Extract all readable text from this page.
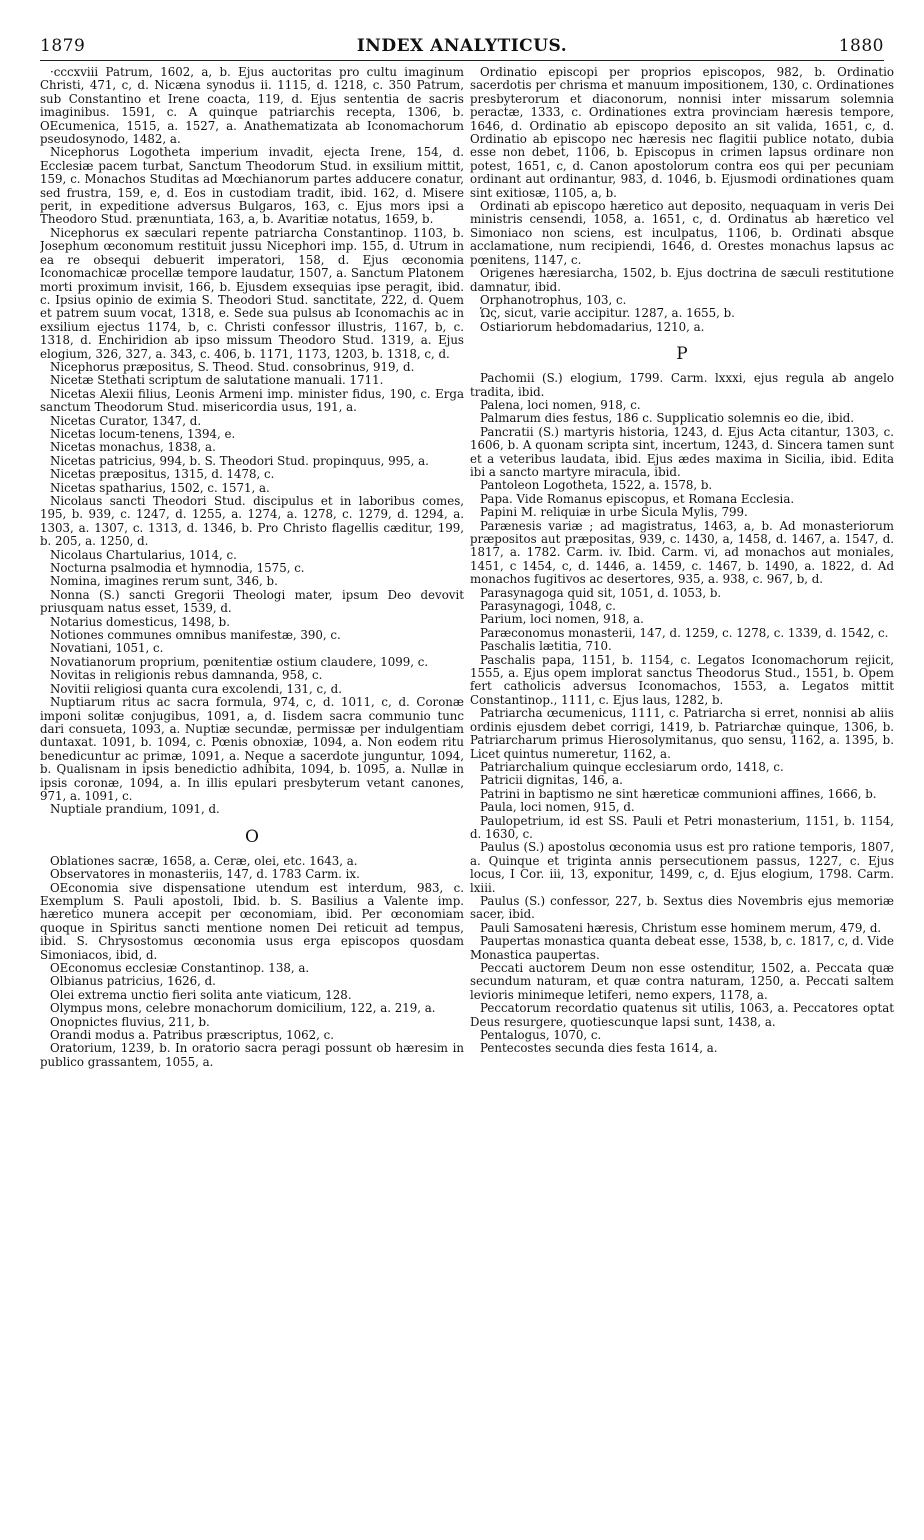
1879	INDEX ANALYTICUS.	1880

·cccxviii Patrum, 1602, a, b. Ejus auctoritas pro cultu imaginum Christi, 471, c, d. Nicæna synodus ii. 1115, d. 1218, c. 350 Patrum, sub Constantino et Irene coacta, 119, d. Ejus sententia de sacris imaginibus. 1591, c. A quinque patriarchis recepta, 1306, b. OEcumenica, 1515, a. 1527, a. Anathematizata ab Iconomachorum pseudosynodo, 1482, a.

Nicephorus Logotheta imperium invadit, ejecta Irene, 154, d. Ecclesiæ pacem turbat, Sanctum Theodorum Stud. in exsilium mittit, 159, c. Monachos Studitas ad Mœchianorum partes adducere conatur, sed frustra, 159, e, d. Eos in custodiam tradit, ibid. 162, d. Misere perit, in expeditione adversus Bulgaros, 163, c. Ejus mors ipsi a Theodoro Stud. prænuntiata, 163, a, b. Avaritiæ notatus, 1659, b.

Nicephorus ex sæculari repente patriarcha Constantinop. 1103, b. Josephum œconomum restituit jussu Nicephori imp. 155, d. Utrum in ea re obsequi debuerit imperatori, 158, d. Ejus œconomia Iconomachicæ procellæ tempore laudatur, 1507, a. Sanctum Platonem morti proximum invisit, 166, b. Ejusdem exsequias ipse peragit, ibid. c. Ipsius opinio de eximia S. Theodori Stud. sanctitate, 222, d. Quem et patrem suum vocat, 1318, e. Sede sua pulsus ab Iconomachis ac in exsilium ejectus 1174, b, c. Christi confessor illustris, 1167, b, c. 1318, d. Enchiridion ab ipso missum Theodoro Stud. 1319, a. Ejus elogium, 326, 327, a. 343, c. 406, b. 1171, 1173, 1203, b. 1318, c, d.

Nicephorus præpositus, S. Theod. Stud. consobrinus, 919, d.

Nicetæ Stethati scriptum de salutatione manuali. 1711.

Nicetas Alexii filius, Leonis Armeni imp. minister fidus, 190, c. Erga sanctum Theodorum Stud. misericordia usus, 191, a.

Nicetas Curator, 1347, d.

Nicetas locum-tenens, 1394, e.

Nicetas monachus, 1838, a.

Nicetas patricius, 994, b. S. Theodori Stud. propinquus, 995, a.

Nicetas præpositus, 1315, d. 1478, c.

Nicetas spatharius, 1502, c. 1571, a.

Nicolaus sancti Theodori Stud. discipulus et in laboribus comes, 195, b. 939, c. 1247, d. 1255, a. 1274, a. 1278, c. 1279, d. 1294, a. 1303, a. 1307, c. 1313, d. 1346, b. Pro Christo flagellis cæditur, 199, b. 205, a. 1250, d.

Nicolaus Chartularius, 1014, c.

Nocturna psalmodia et hymnodia, 1575, c.

Nomina, imagines rerum sunt, 346, b.

Nonna (S.) sancti Gregorii Theologi mater, ipsum Deo devovit priusquam natus esset, 1539, d.

Notarius domesticus, 1498, b.

Notiones communes omnibus manifestæ, 390, c.

Novatiani, 1051, c.

Novatianorum proprium, pœnitentiæ ostium claudere, 1099, c.

Novitas in religionis rebus damnanda, 958, c.

Novitii religiosi quanta cura excolendi, 131, c, d.

Nuptiarum ritus ac sacra formula, 974, c, d. 1011, c, d. Coronæ imponi solitæ conjugibus, 1091, a, d. Iisdem sacra communio tunc dari consueta, 1093, a. Nuptiæ secundæ, permissæ per indulgentiam duntaxat. 1091, b. 1094, c. Pœnis obnoxiæ, 1094, a. Non eodem ritu benedicuntur ac primæ, 1091, a. Neque a sacerdote junguntur, 1094, b. Qualisnam in ipsis benedictio adhibita, 1094, b. 1095, a. Nullæ in ipsis coronæ, 1094, a. In illis epulari presbyterum vetant canones, 971, a. 1091, c.

Nuptiale prandium, 1091, d.

O

Oblationes sacræ, 1658, a. Ceræ, olei, etc. 1643, a.

Observatores in monasteriis, 147, d. 1783 Carm. ix.

OEconomia sive dispensatione utendum est interdum, 983, c. Exemplum S. Pauli apostoli, Ibid. b. S. Basilius a Valente imp. hæretico munera accepit per œconomiam, ibid. Per œconomiam quoque in Spiritus sancti mentione nomen Dei reticuit ad tempus, ibid. S. Chrysostomus œconomia usus erga episcopos quosdam Simoniacos, ibid, d.

OEconomus ecclesiæ Constantinop. 138, a.

Olbianus patricius, 1626, d.

Olei extrema unctio fieri solita ante viaticum, 128.

Olympus mons, celebre monachorum domicilium, 122, a. 219, a.

Onopnictes fluvius, 211, b.

Orandi modus a. Patribus præscriptus, 1062, c.

Oratorium, 1239, b. In oratorio sacra peragi possunt ob hæresim in publico grassantem, 1055, a.

Ordinatio episcopi per proprios episcopos, 982, b. Ordinatio sacerdotis per chrisma et manuum impositionem, 130, c. Ordinationes presbyterorum et diaconorum, nonnisi inter missarum solemnia peractæ, 1333, c. Ordinationes extra provinciam hæresis tempore, 1646, d. Ordinatio ab episcopo deposito an sit valida, 1651, c, d. Ordinatio ab episcopo nec hæresis nec flagitii publice notato, dubia esse non debet, 1106, b. Episcopus in crimen lapsus ordinare non potest, 1651, c, d. Canon apostolorum contra eos qui per pecuniam ordinant aut ordinantur, 983, d. 1046, b. Ejusmodi ordinationes quam sint exitiosæ, 1105, a, b.

Ordinati ab episcopo hæretico aut deposito, nequaquam in veris Dei ministris censendi, 1058, a. 1651, c, d. Ordinatus ab hæretico vel Simoniaco non sciens, est inculpatus, 1106, b. Ordinati absque acclamatione, num recipiendi, 1646, d. Orestes monachus lapsus ac pœnitens, 1147, c.

Origenes hæresiarcha, 1502, b. Ejus doctrina de sæculi restitutione damnatur, ibid.

Orphanotrophus, 103, c.

Ὡς, sicut, varie accipitur. 1287, a. 1655, b.

Ostiariorum hebdomadarius, 1210, a.

P

Pachomii (S.) elogium, 1799. Carm. lxxxi, ejus regula ab angelo tradita, ibid.

Palena, loci nomen, 918, c.

Palmarum dies festus, 186 c. Supplicatio solemnis eo die, ibid.

Pancratii (S.) martyris historia, 1243, d. Ejus Acta citantur, 1303, c. 1606, b. A quonam scripta sint, incertum, 1243, d. Sincera tamen sunt et a veteribus laudata, ibid. Ejus ædes maxima in Sicilia, ibid. Edita ibi a sancto martyre miracula, ibid.

Pantoleon Logotheta, 1522, a. 1578, b.

Papa. Vide Romanus episcopus, et Romana Ecclesia.

Papini M. reliquiæ in urbe Sicula Mylis, 799.

Parænesis variæ ; ad magistratus, 1463, a, b. Ad monasteriorum præpositos aut præpositas, 939, c. 1430, a, 1458, d. 1467, a. 1547, d. 1817, a. 1782. Carm. iv. Ibid. Carm. vi, ad monachos aut moniales, 1451, c 1454, c, d. 1446, a. 1459, c. 1467, b. 1490, a. 1822, d. Ad monachos fugitivos ac desertores, 935, a. 938, c. 967, b, d.

Parasynagoga quid sit, 1051, d. 1053, b.

Parasynagogi, 1048, c.

Parium, loci nomen, 918, a.

Paræconomus monasterii, 147, d. 1259, c. 1278, c. 1339, d. 1542, c.

Paschalis lætitia, 710.

Paschalis papa, 1151, b. 1154, c. Legatos Iconomachorum rejicit, 1555, a. Ejus opem implorat sanctus Theodorus Stud., 1551, b. Opem fert catholicis adversus Iconomachos, 1553, a. Legatos mittit Constantinop., 1111, c. Ejus laus, 1282, b.

Patriarcha œcumenicus, 1111, c. Patriarcha si erret, nonnisi ab aliis ordinis ejusdem debet corrigi, 1419, b. Patriarchæ quinque, 1306, b. Patriarcharum primus Hierosolymitanus, quo sensu, 1162, a. 1395, b. Licet quintus numeretur, 1162, a.

Patriarchalium quinque ecclesiarum ordo, 1418, c.

Patricii dignitas, 146, a.

Patrini in baptismo ne sint hæreticæ communioni affines, 1666, b.

Paula, loci nomen, 915, d.

Paulopetrium, id est SS. Pauli et Petri monasterium, 1151, b. 1154, d. 1630, c.

Paulus (S.) apostolus œconomia usus est pro ratione temporis, 1807, a. Quinque et triginta annis persecutionem passus, 1227, c. Ejus locus, I Cor. iii, 13, exponitur, 1499, c, d. Ejus elogium, 1798. Carm. lxiii.

Paulus (S.) confessor, 227, b. Sextus dies Novembris ejus memoriæ sacer, ibid.

Pauli Samosateni hæresis, Christum esse hominem merum, 479, d.

Paupertas monastica quanta debeat esse, 1538, b, c. 1817, c, d. Vide Monastica paupertas.

Peccati auctorem Deum non esse ostenditur, 1502, a. Peccata quæ secundum naturam, et quæ contra naturam, 1250, a. Peccati saltem levioris minimeque letiferi, nemo expers, 1178, a.

Peccatorum recordatio quatenus sit utilis, 1063, a. Peccatores optat Deus resurgere, quotiescunque lapsi sunt, 1438, a.

Pentalogus, 1070, c.

Pentecostes secunda dies festa 1614, a.
